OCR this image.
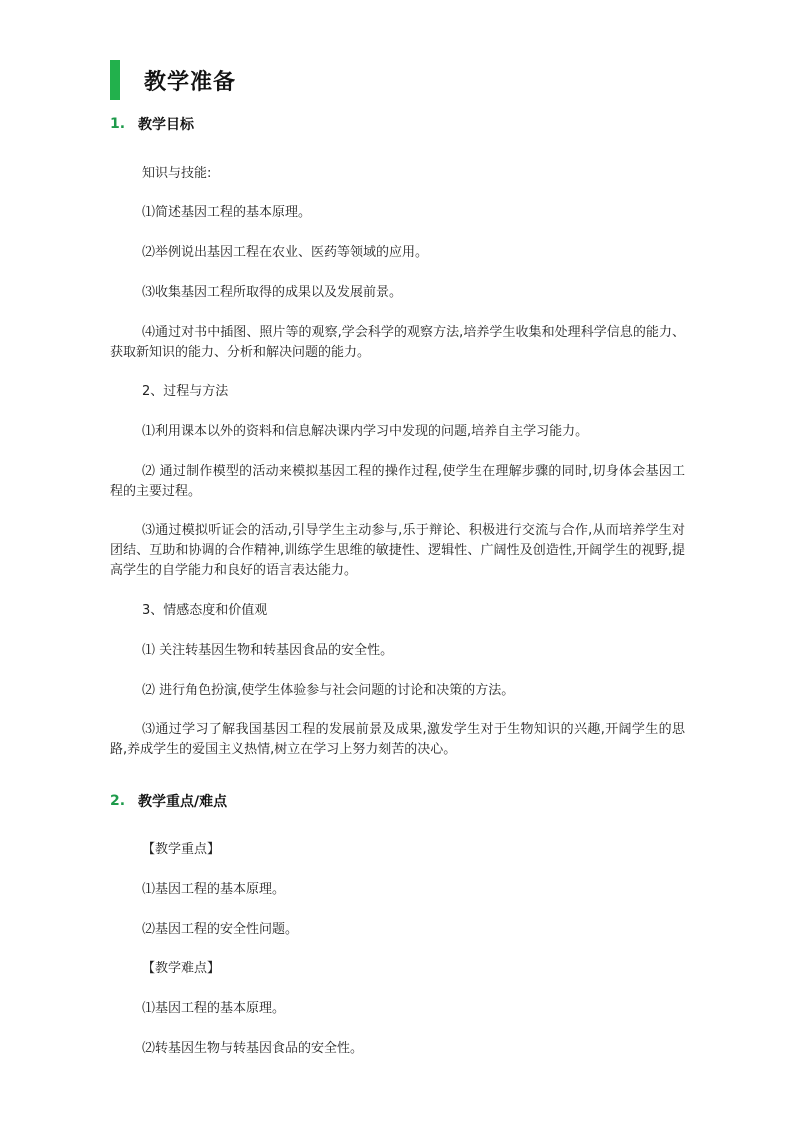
教学准备
1. 教学目标
知识与技能:
⑴简述基因工程的基本原理。
⑵举例说出基因工程在农业、医药等领域的应用。
⑶收集基因工程所取得的成果以及发展前景。
⑷通过对书中插图、照片等的观察,学会科学的观察方法,培养学生收集和处理科学信息的能力、获取新知识的能力、分析和解决问题的能力。
2、过程与方法
⑴利用课本以外的资料和信息解决课内学习中发现的问题,培养自主学习能力。
⑵ 通过制作模型的活动来模拟基因工程的操作过程,使学生在理解步骤的同时,切身体会基因工程的主要过程。
⑶通过模拟听证会的活动,引导学生主动参与,乐于辩论、积极进行交流与合作,从而培养学生对团结、互助和协调的合作精神,训练学生思维的敏捷性、逻辑性、广阔性及创造性,开阔学生的视野,提高学生的自学能力和良好的语言表达能力。
3、情感态度和价值观
⑴ 关注转基因生物和转基因食品的安全性。
⑵ 进行角色扮演,使学生体验参与社会问题的讨论和决策的方法。
⑶通过学习了解我国基因工程的发展前景及成果,激发学生对于生物知识的兴趣,开阔学生的思路,养成学生的爱国主义热情,树立在学习上努力刻苦的决心。
2. 教学重点/难点
【教学重点】
⑴基因工程的基本原理。
⑵基因工程的安全性问题。
【教学难点】
⑴基因工程的基本原理。
⑵转基因生物与转基因食品的安全性。
